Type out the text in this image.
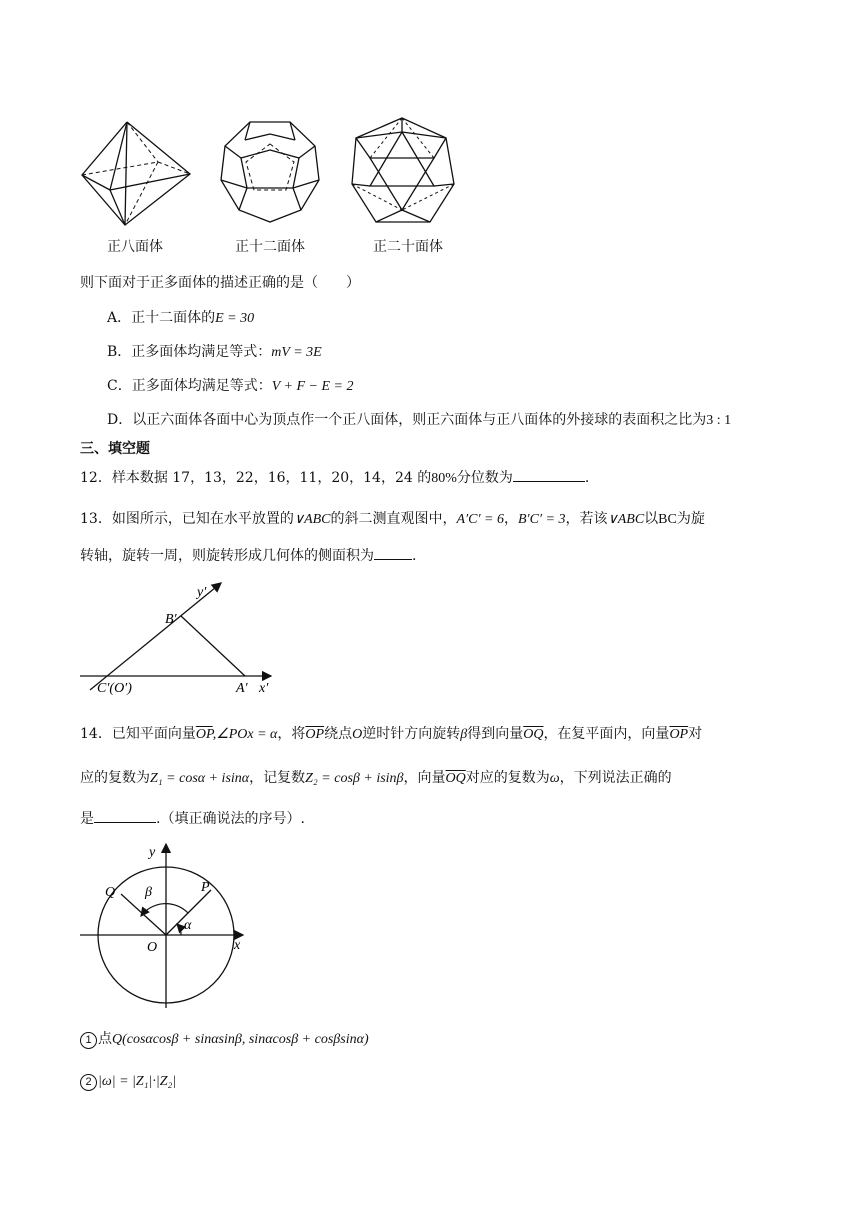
正八面体	正十二面体	正二十面体
则下面对于正多面体的描述正确的是（　　）
A．正十二面体的E = 30
B．正多面体均满足等式：mV = 3E
C．正多面体均满足等式：V + F − E = 2
D．以正六面体各面中心为顶点作一个正八面体，则正六面体与正八面体的外接球的表面积之比为3 : 1
三、填空题
12．样本数据 17，13，22，16，11，20，14，24 的80%分位数为	.
13．如图所示，已知在水平放置的∨ABC的斜二测直观图中，A′C′ = 6，B′C′ = 3，若该∨ABC以BC为旋
转轴，旋转一周，则旋转形成几何体的侧面积为	.
y′
B′
C′(O′)	A′ x′
14．已知平面向量$\overline{OP},\angle POx = \alpha$，将$\overline{OP}$绕点O逆时针方向旋转β得到向量$\overline{OQ}$，在复平面内，向量$\overline{OP}$对
应的复数为Z₁ = cosα + isinα，记复数Z₂ = cosβ + isinβ，向量$\overline{OQ}$对应的复数为ω，下列说法正确的
是	.（填正确说法的序号）.
y
x
O
P
Q
α
β
1 点Q(cosαcosβ + sinαsinβ, sinαcosβ + cosβsinα)
2 |ω| = |Z₁|·|Z₂|
